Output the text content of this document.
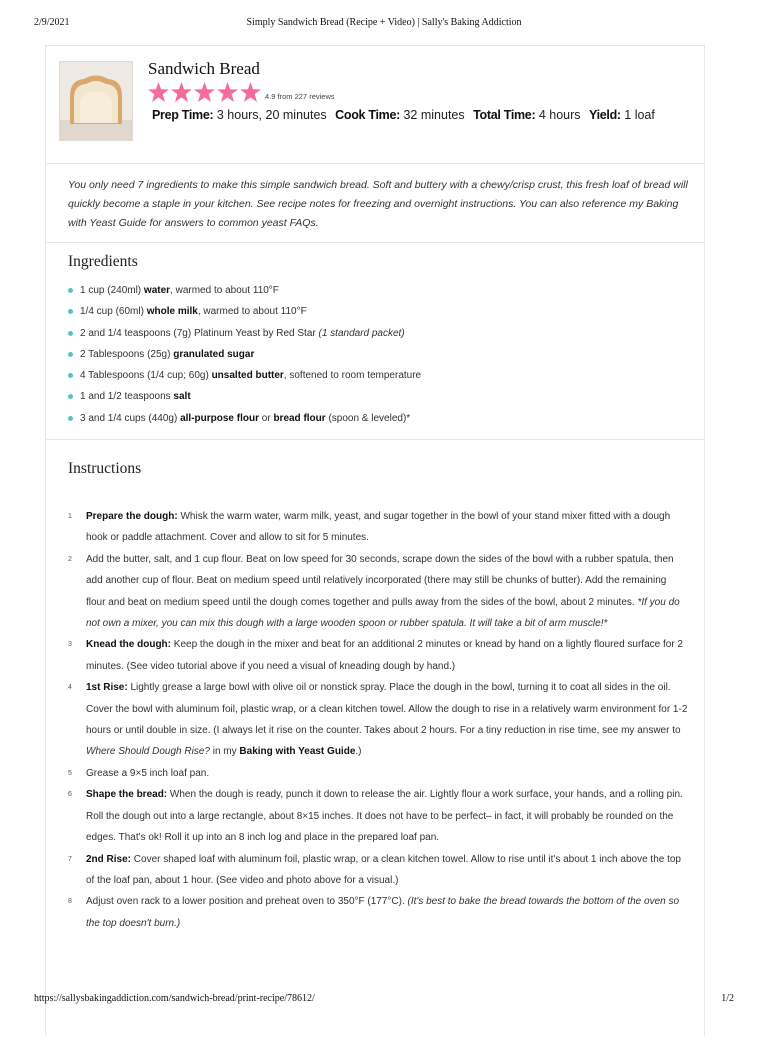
2/9/2021	Simply Sandwich Bread (Recipe + Video) | Sally's Baking Addiction
Sandwich Bread
4.9 from 227 reviews
Prep Time: 3 hours, 20 minutes Cook Time: 32 minutes Total Time: 4 hours Yield: 1 loaf

You only need 7 ingredients to make this simple sandwich bread. Soft and buttery with a chewy/crisp crust, this fresh loaf of bread will quickly become a staple in your kitchen. See recipe notes for freezing and overnight instructions. You can also reference my Baking with Yeast Guide for answers to common yeast FAQs.

Ingredients
1 cup (240ml) water, warmed to about 110°F
1/4 cup (60ml) whole milk, warmed to about 110°F
2 and 1/4 teaspoons (7g) Platinum Yeast by Red Star (1 standard packet)
2 Tablespoons (25g) granulated sugar
4 Tablespoons (1/4 cup; 60g) unsalted butter, softened to room temperature
1 and 1/2 teaspoons salt
3 and 1/4 cups (440g) all-purpose flour or bread flour (spoon & leveled)*
Instructions
1 Prepare the dough: Whisk the warm water, warm milk, yeast, and sugar together in the bowl of your stand mixer fitted with a dough hook or paddle attachment. Cover and allow to sit for 5 minutes.
2 Add the butter, salt, and 1 cup flour. Beat on low speed for 30 seconds, scrape down the sides of the bowl with a rubber spatula, then add another cup of flour. Beat on medium speed until relatively incorporated (there may still be chunks of butter). Add the remaining flour and beat on medium speed until the dough comes together and pulls away from the sides of the bowl, about 2 minutes. *If you do not own a mixer, you can mix this dough with a large wooden spoon or rubber spatula. It will take a bit of arm muscle!*
3 Knead the dough: Keep the dough in the mixer and beat for an additional 2 minutes or knead by hand on a lightly floured surface for 2 minutes. (See video tutorial above if you need a visual of kneading dough by hand.)
4 1st Rise: Lightly grease a large bowl with olive oil or nonstick spray. Place the dough in the bowl, turning it to coat all sides in the oil. Cover the bowl with aluminum foil, plastic wrap, or a clean kitchen towel. Allow the dough to rise in a relatively warm environment for 1-2 hours or until double in size. (I always let it rise on the counter. Takes about 2 hours. For a tiny reduction in rise time, see my answer to Where Should Dough Rise? in my Baking with Yeast Guide.)
5 Grease a 9×5 inch loaf pan.
6 Shape the bread: When the dough is ready, punch it down to release the air. Lightly flour a work surface, your hands, and a rolling pin. Roll the dough out into a large rectangle, about 8×15 inches. It does not have to be perfect– in fact, it will probably be rounded on the edges. That's ok! Roll it up into an 8 inch log and place in the prepared loaf pan.
7 2nd Rise: Cover shaped loaf with aluminum foil, plastic wrap, or a clean kitchen towel. Allow to rise until it's about 1 inch above the top of the loaf pan, about 1 hour. (See video and photo above for a visual.)
8 Adjust oven rack to a lower position and preheat oven to 350°F (177°C). (It's best to bake the bread towards the bottom of the oven so the top doesn't burn.)
https://sallysbakingaddiction.com/sandwich-bread/print-recipe/78612/	1/2
